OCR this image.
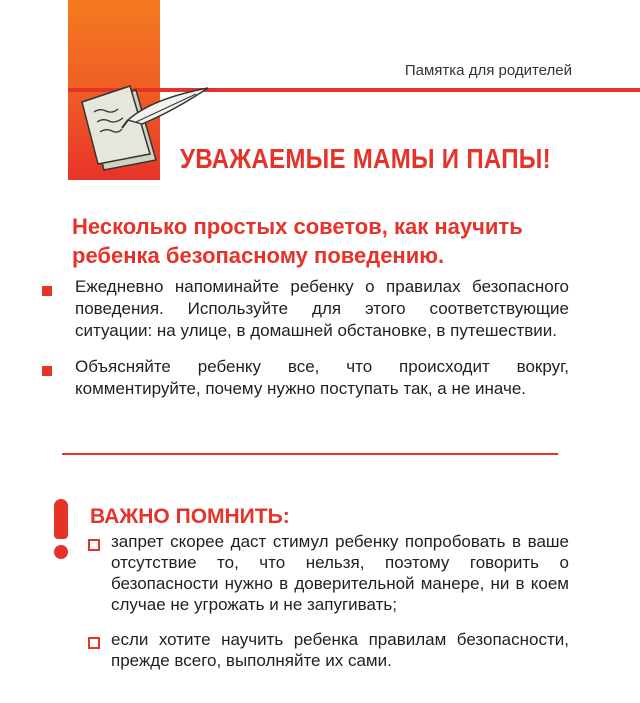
Памятка для родителей
УВАЖАЕМЫЕ МАМЫ И ПАПЫ!
Несколько простых советов, как научить ребенка безопасному поведению.
Ежедневно напоминайте ребенку о правилах безопасного поведения. Используйте для этого соответствующие ситуации: на улице, в домашней обстановке, в путешествии.
Объясняйте ребенку все, что происходит вокруг, комментируйте, почему нужно поступать так, а не иначе.
ВАЖНО ПОМНИТЬ:
запрет скорее даст стимул ребенку попробовать в ваше отсутствие то, что нельзя, поэтому говорить о безопасности нужно в доверительной манере, ни в коем случае не угрожать и не запугивать;
если хотите научить ребенка правилам безопасности, прежде всего, выполняйте их сами.
